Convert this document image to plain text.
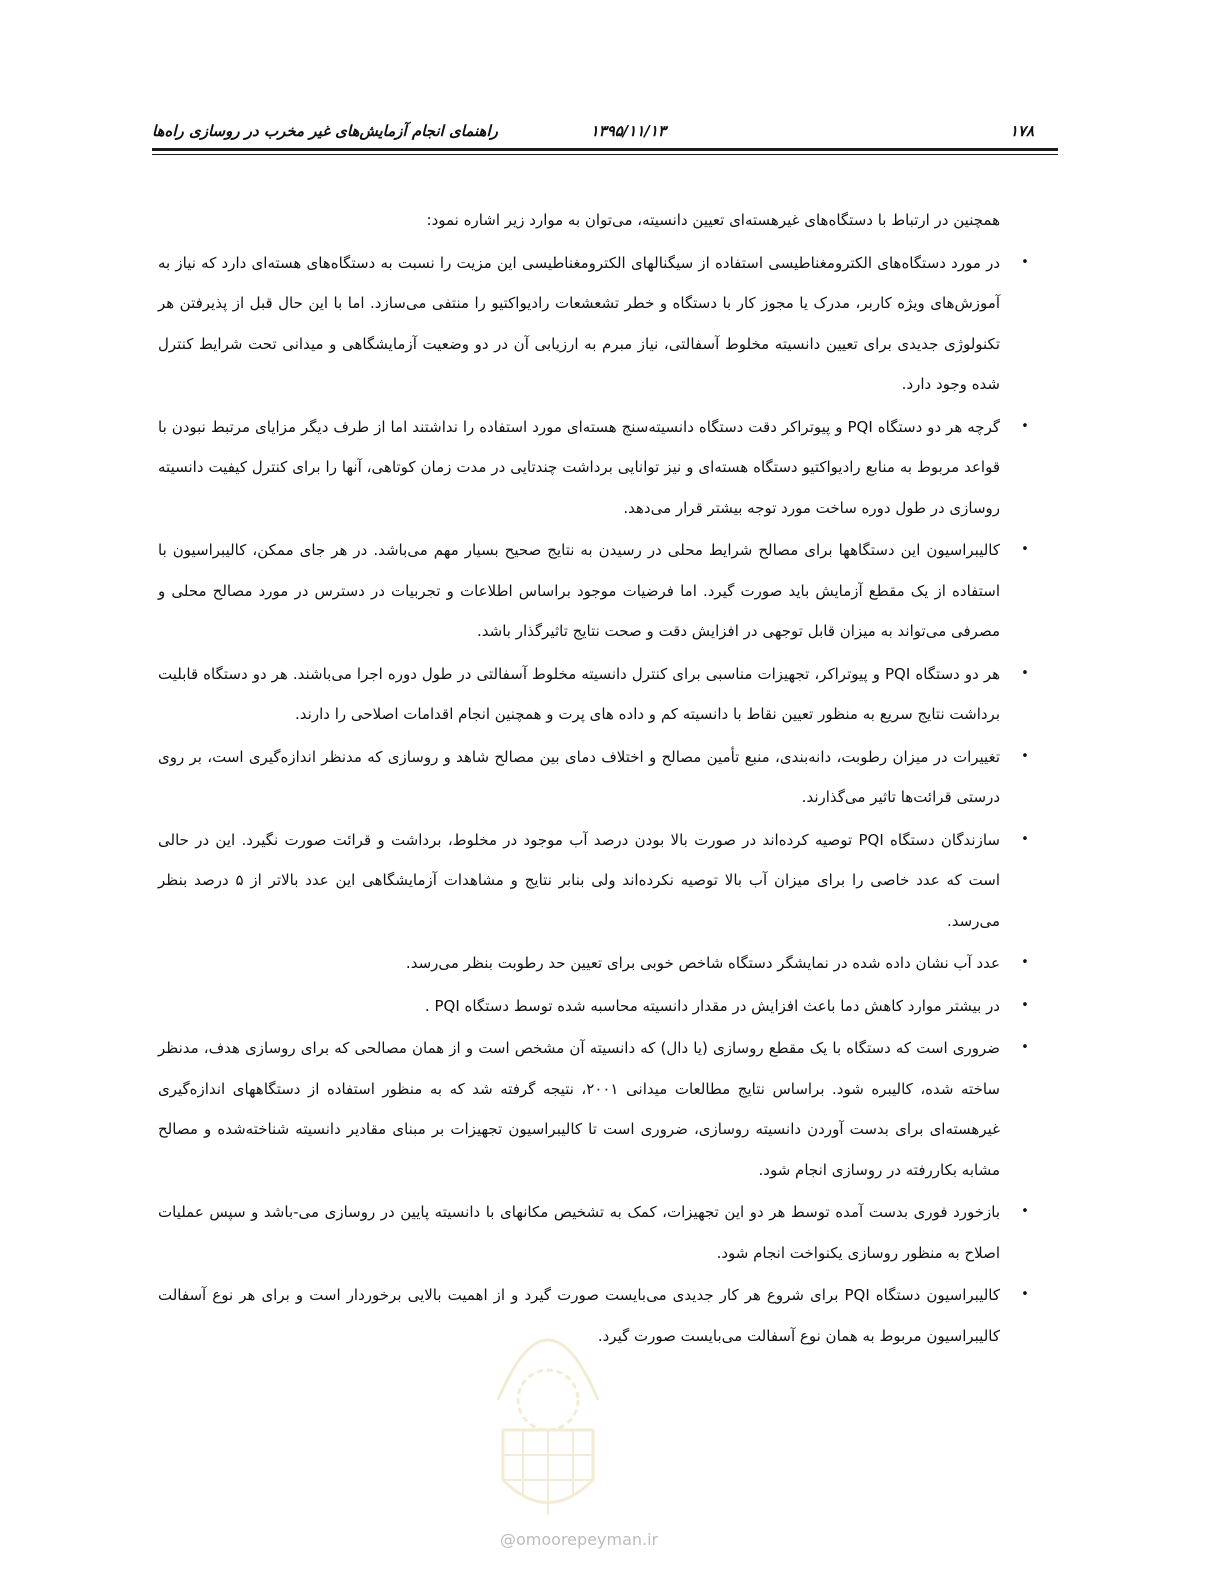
۱۷۸
۱۳۹۵/۱۱/۱۳
راهنمای انجام آزمایش‌های غیر مخرب در روسازی راه‌ها

همچنین در ارتباط با دستگاه‌های غیرهسته‌ای تعیین دانسیته، می‌توان به موارد زیر اشاره نمود:

•
در مورد دستگاه‌های الکترومغناطیسی استفاده از سیگنالهای الکترومغناطیسی این مزیت را نسبت به دستگاه‌های هسته‌ای دارد که نیاز به آموزش‌های ویژه کاربر، مدرک یا مجوز کار با دستگاه و خطر تشعشعات رادیواکتیو را منتفی می‌سازد. اما با این حال قبل از پذیرفتن هر تکنولوژی جدیدی برای تعیین دانسیته مخلوط آسفالتی، نیاز مبرم به ارزیابی آن در دو وضعیت آزمایشگاهی و میدانی تحت شرایط کنترل شده وجود دارد.
•
گرچه هر دو دستگاه PQI و پیوتراکر دقت دستگاه دانسیته‌سنج هسته‌ای مورد استفاده را نداشتند اما از طرف دیگر مزایای مرتبط نبودن با قواعد مربوط به منابع رادیواکتیو دستگاه هسته‌ای و نیز توانایی برداشت چندتایی در مدت زمان کوتاهی، آنها را برای کنترل کیفیت دانسیته روسازی در طول دوره ساخت مورد توجه بیشتر قرار می‌دهد.
•
کالیبراسیون این دستگاهها برای مصالح شرایط محلی در رسیدن به نتایج صحیح بسیار مهم می‌باشد. در هر جای ممکن، کالیبراسیون با استفاده از یک مقطع آزمایش باید صورت گیرد. اما فرضیات موجود براساس اطلاعات و تجربیات در دسترس در مورد مصالح محلی و مصرفی می‌تواند به میزان قابل توجهی در افزایش دقت و صحت نتایج تاثیرگذار باشد.
•
هر دو دستگاه PQI و پیوتراکر، تجهیزات مناسبی برای کنترل دانسیته مخلوط آسفالتی در طول دوره اجرا می‌باشند. هر دو دستگاه قابلیت برداشت نتایج سریع به منظور تعیین نقاط با دانسیته کم و داده های پرت و همچنین انجام اقدامات اصلاحی را دارند.
•
تغییرات در میزان رطوبت، دانه‌بندی، منبع تأمین مصالح و اختلاف دمای بین مصالح شاهد و روسازی که مدنظر اندازه‌گیری است، بر روی درستی قرائت‌ها تاثیر می‌گذارند.
•
سازندگان دستگاه PQI توصیه کرده‌اند در صورت بالا بودن درصد آب موجود در مخلوط، برداشت و قرائت صورت نگیرد. این در حالی است که عدد خاصی را برای میزان آب بالا توصیه نکرده‌اند ولی بنابر نتایج و مشاهدات آزمایشگاهی این عدد بالاتر از ۵ درصد بنظر می‌رسد.
•
عدد آب نشان داده شده در نمایشگر دستگاه شاخص خوبی برای تعیین حد رطوبت بنظر می‌رسد.
•
در بیشتر موارد کاهش دما باعث افزایش در مقدار دانسیته محاسبه شده توسط دستگاه PQI .
•
ضروری است که دستگاه با یک مقطع روسازی (یا دال) که دانسیته آن مشخص است و از همان مصالحی که برای روسازی هدف، مدنظر ساخته شده، کالیبره شود. براساس نتایج مطالعات میدانی ۲۰۰۱، نتیجه گرفته شد که به منظور استفاده از دستگاههای اندازه‌گیری غیرهسته‌ای برای بدست آوردن دانسیته روسازی، ضروری است تا کالیبراسیون تجهیزات بر مبنای مقادیر دانسیته شناخته‌شده و مصالح مشابه بکاررفته در روسازی انجام شود.
•
بازخورد فوری بدست آمده توسط هر دو این تجهیزات، کمک به تشخیص مکانهای با دانسیته پایین در روسازی می-باشد و سپس عملیات اصلاح به منظور روسازی یکنواخت انجام شود.
•
کالیبراسیون دستگاه PQI برای شروع هر کار جدیدی می‌بایست صورت گیرد و از اهمیت بالایی برخوردار است و برای هر نوع آسفالت کالیبراسیون مربوط به همان نوع آسفالت می‌بایست صورت گیرد.
@omoorepeyman.ir
